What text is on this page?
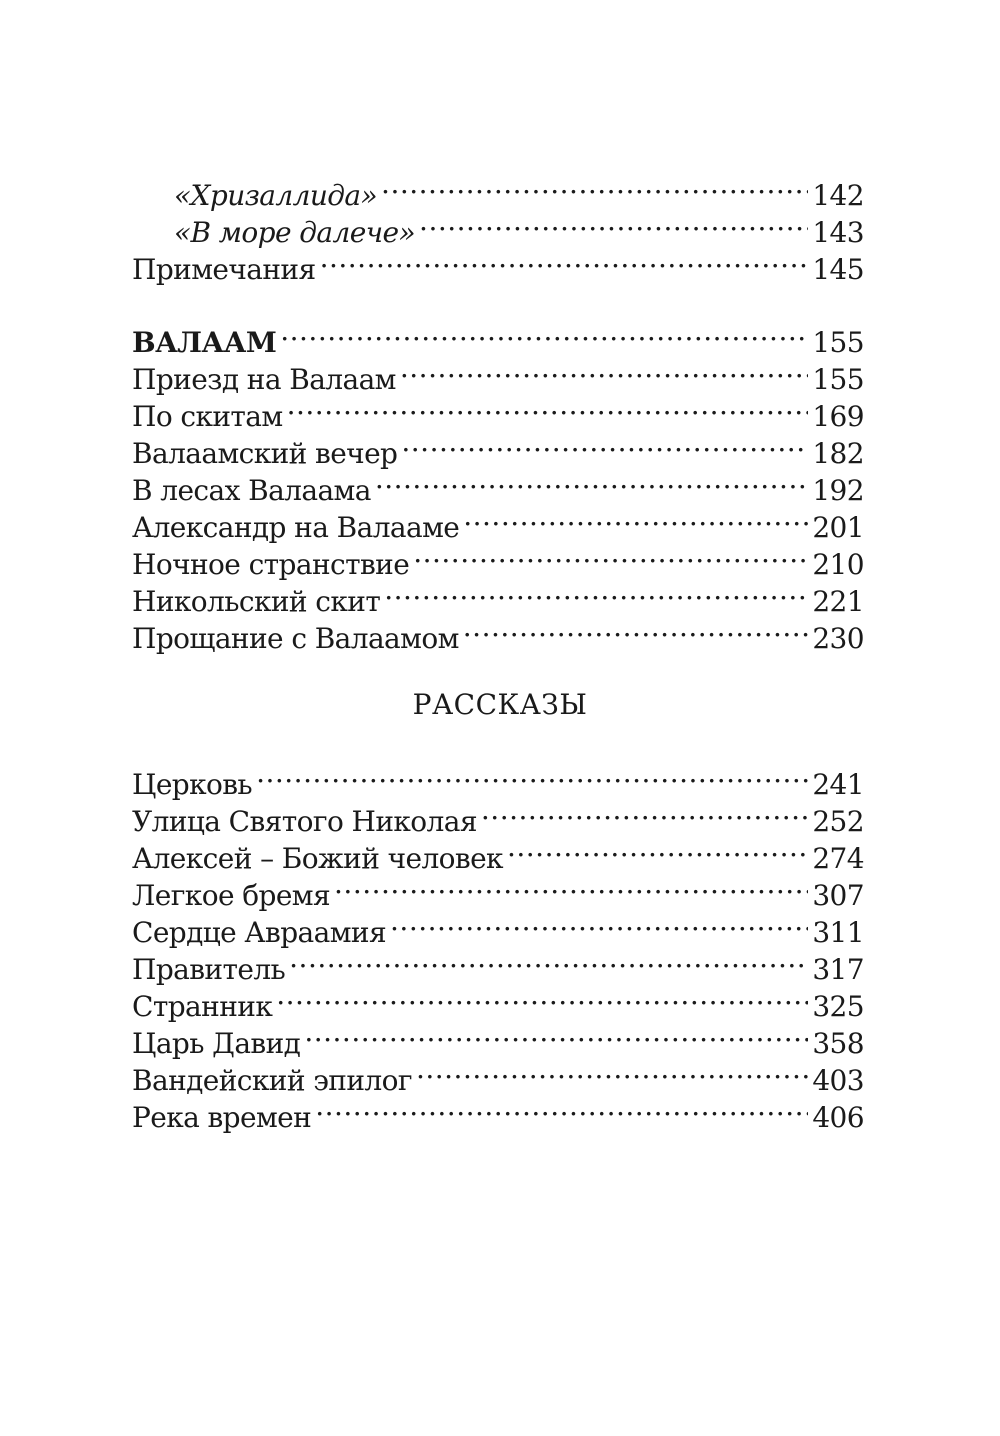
«Хризаллида» .....	142
«В море далече» .....	143
Примечания .....	145
ВАЛААМ .....	155
Приезд на Валаам .....	155
По скитам .....	169
Валаамский вечер .....	182
В лесах Валаама .....	192
Александр на Валааме .....	201
Ночное странствие .....	210
Никольский скит .....	221
Прощание с Валаамом .....	230
РАССКАЗЫ
Церковь .....	241
Улица Святого Николая .....	252
Алексей – Божий человек .....	274
Легкое бремя .....	307
Сердце Авраамия .....	311
Правитель .....	317
Странник .....	325
Царь Давид .....	358
Вандейский эпилог .....	403
Река времен .....	406
